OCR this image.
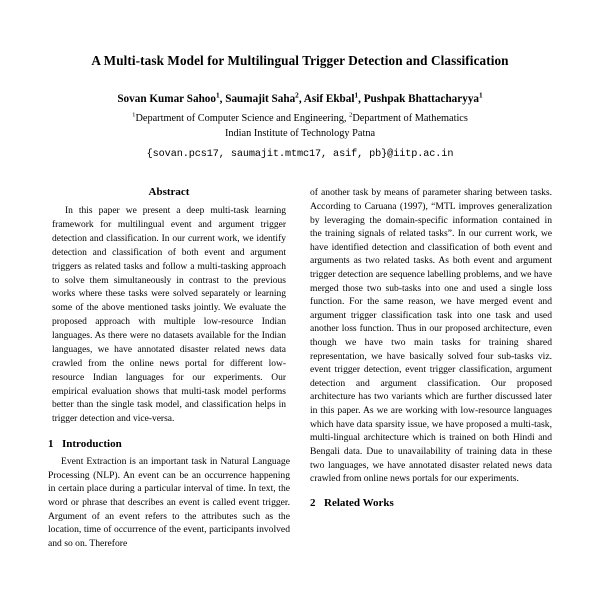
A Multi-task Model for Multilingual Trigger Detection and Classification
Sovan Kumar Sahoo$^1$, Saumajit Saha$^2$, Asif Ekbal$^1$, Pushpak Bhattacharyya$^1$
$^1$Department of Computer Science and Engineering, $^2$Department of Mathematics
Indian Institute of Technology Patna
{sovan.pcs17, saumajit.mtmc17, asif, pb}@iitp.ac.in
Abstract

In this paper we present a deep multi-task learning framework for multilingual event and argument trigger detection and classification. In our current work, we identify detection and classification of both event and argument triggers as related tasks and follow a multi-tasking approach to solve them simultaneously in contrast to the previous works where these tasks were solved separately or learning some of the above mentioned tasks jointly. We evaluate the proposed approach with multiple low-resource Indian languages. As there were no datasets available for the Indian languages, we have annotated disaster related news data crawled from the online news portal for different low-resource Indian languages for our experiments. Our empirical evaluation shows that multi-task model performs better than the single task model, and classification helps in trigger detection and vice-versa.

1 Introduction

Event Extraction is an important task in Natural Language Processing (NLP). An event can be an occurrence happening in certain place during a particular interval of time. In text, the word or phrase that describes an event is called event trigger. Argument of an event refers to the attributes such as the location, time of occurrence of the event, participants involved and so on. Therefore

of another task by means of parameter sharing between tasks. According to Caruana (1997), “MTL improves generalization by leveraging the domain-specific information contained in the training signals of related tasks”. In our current work, we have identified detection and classification of both event and arguments as two related tasks. As both event and argument trigger detection are sequence labelling problems, and we have merged those two sub-tasks into one and used a single loss function. For the same reason, we have merged event and argument trigger classification task into one task and used another loss function. Thus in our proposed architecture, even though we have two main tasks for training shared representation, we have basically solved four sub-tasks viz. event trigger detection, event trigger classification, argument detection and argument classification. Our proposed architecture has two variants which are further discussed later in this paper. As we are working with low-resource languages which have data sparsity issue, we have proposed a multi-task, multi-lingual architecture which is trained on both Hindi and Bengali data. Due to unavailability of training data in these two languages, we have annotated disaster related news data crawled from online news portals for our experiments.

2 Related Works
